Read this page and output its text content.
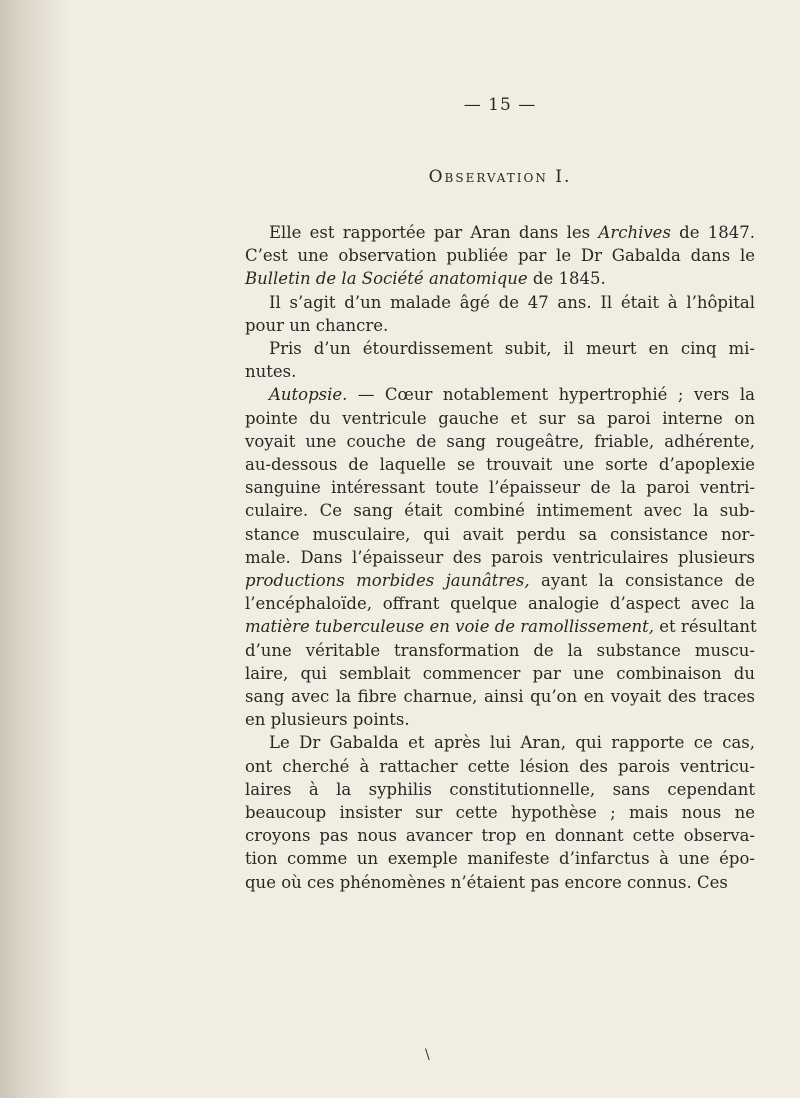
— 15 —
Observation I.

Elle est rapportée par Aran dans les Archives de 1847.
C’est une observation publiée par le Dr Gabalda dans le
Bulletin de la Société anatomique de 1845.

Il s’agit d’un malade âgé de 47 ans. Il était à l’hôpital
pour un chancre.

Pris d’un étourdissement subit, il meurt en cinq mi-
nutes.

Autopsie. — Cœur notablement hypertrophié ; vers la
pointe du ventricule gauche et sur sa paroi interne on
voyait une couche de sang rougeâtre, friable, adhérente,
au-dessous de laquelle se trouvait une sorte d’apoplexie
sanguine intéressant toute l’épaisseur de la paroi ventri-
culaire. Ce sang était combiné intimement avec la sub-
stance musculaire, qui avait perdu sa consistance nor-
male. Dans l’épaisseur des parois ventriculaires plusieurs
productions morbides jaunâtres, ayant la consistance de
l’encéphaloïde, offrant quelque analogie d’aspect avec la
matière tuberculeuse en voie de ramollissement, et résultant
d’une véritable transformation de la substance muscu-
laire, qui semblait commencer par une combinaison du
sang avec la fibre charnue, ainsi qu’on en voyait des traces
en plusieurs points.

Le Dr Gabalda et après lui Aran, qui rapporte ce cas,
ont cherché à rattacher cette lésion des parois ventricu-
laires à la syphilis constitutionnelle, sans cependant
beaucoup insister sur cette hypothèse ; mais nous ne
croyons pas nous avancer trop en donnant cette observa-
tion comme un exemple manifeste d’infarctus à une épo-
que où ces phénomènes n’étaient pas encore connus. Ces

\
